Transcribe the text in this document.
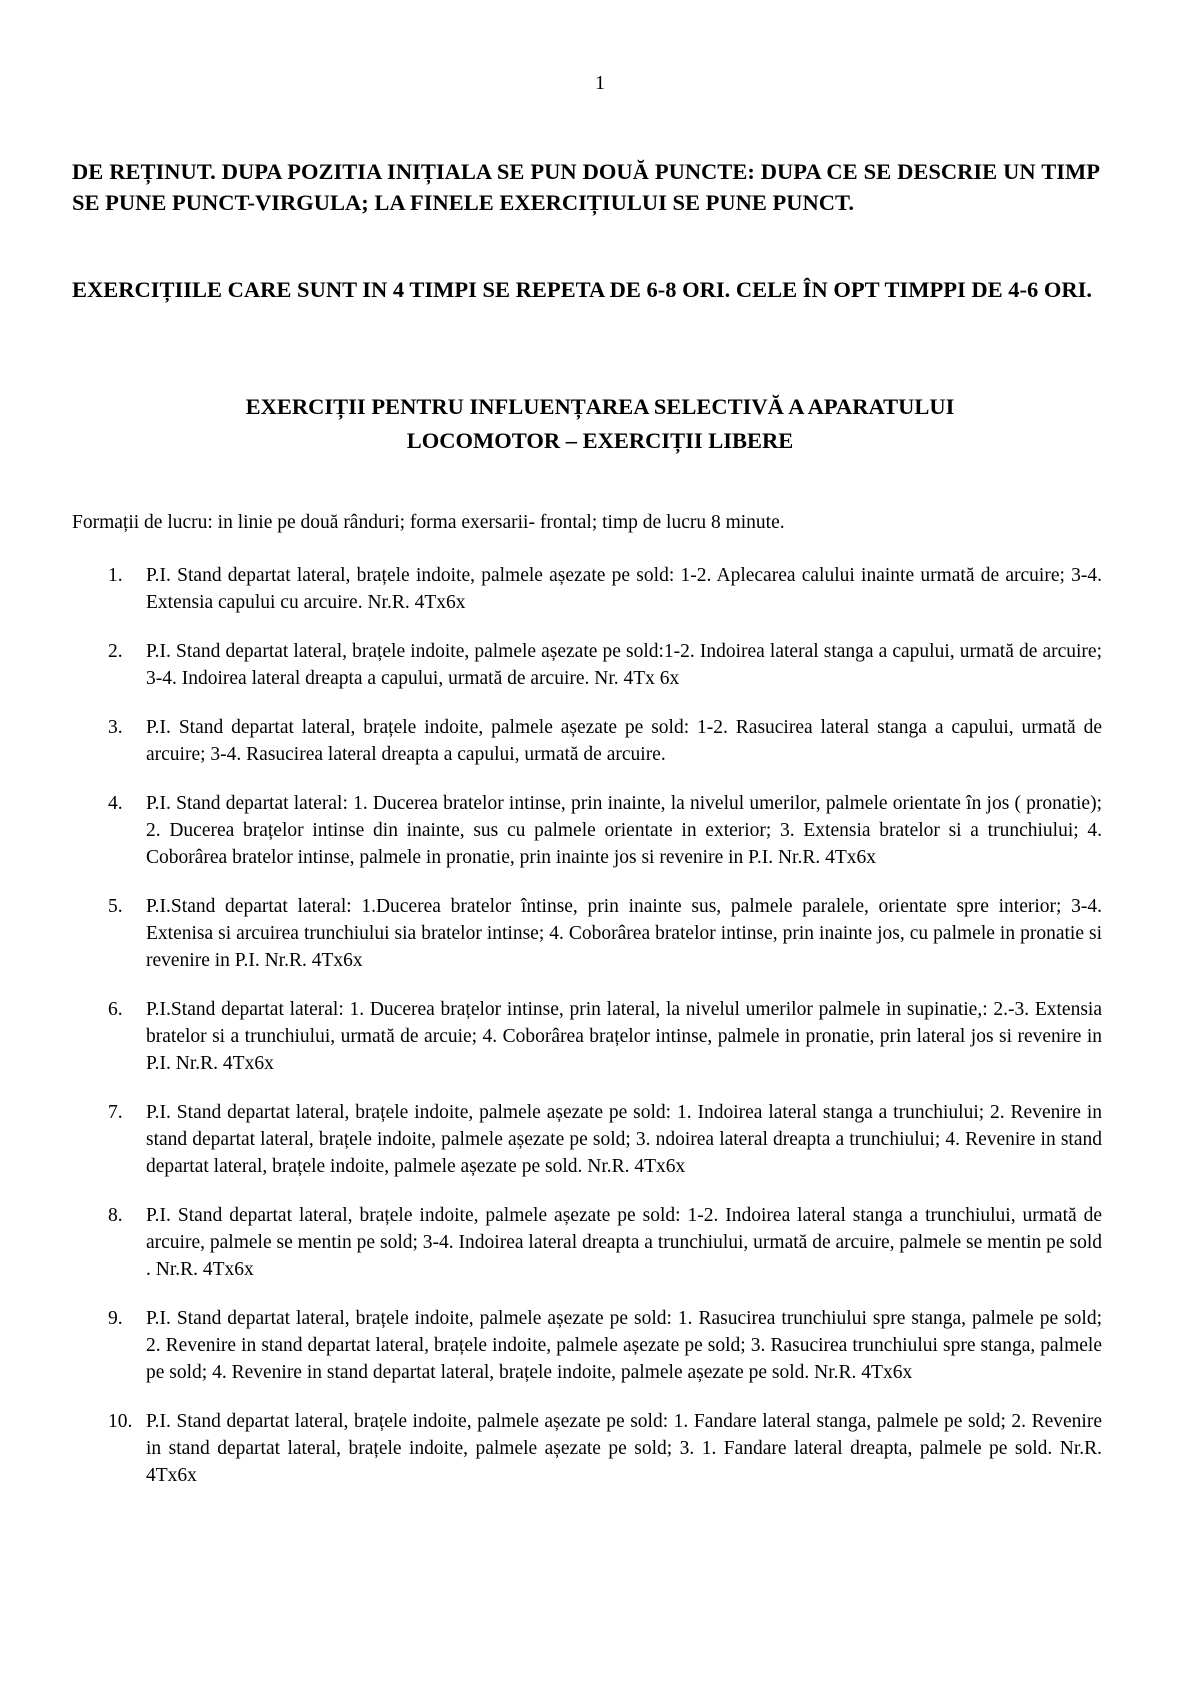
1

DE REȚINUT. DUPA POZITIA INIȚIALA SE PUN DOUĂ PUNCTE: DUPA CE SE DESCRIE UN TIMP SE PUNE PUNCT-VIRGULA; LA FINELE EXERCIȚIULUI SE PUNE PUNCT.

EXERCIȚIILE CARE SUNT IN 4 TIMPI SE REPETA DE 6-8 ORI. CELE ÎN OPT TIMPPI DE 4-6 ORI.

EXERCIȚII PENTRU INFLUENȚAREA SELECTIVĂ A APARATULUI
LOCOMOTOR – EXERCIȚII LIBERE

Formații de lucru: in linie pe două rânduri; forma exersarii- frontal; timp de lucru 8 minute.

1.	P.I. Stand departat lateral, brațele indoite, palmele așezate pe sold: 1-2. Aplecarea calului inainte urmată de arcuire; 3-4. Extensia capului cu arcuire. Nr.R. 4Tx6x
2.	P.I. Stand departat lateral, brațele indoite, palmele așezate pe sold:1-2. Indoirea lateral stanga a capului, urmată de arcuire; 3-4. Indoirea lateral dreapta a capului, urmată de arcuire. Nr. 4Tx 6x
3.	P.I. Stand departat lateral, brațele indoite, palmele așezate pe sold: 1-2. Rasucirea lateral stanga a capului, urmată de arcuire; 3-4. Rasucirea lateral dreapta a capului, urmată de arcuire.
4.	P.I. Stand departat lateral: 1. Ducerea bratelor intinse, prin inainte, la nivelul umerilor, palmele orientate în jos ( pronatie); 2. Ducerea brațelor intinse din inainte, sus cu palmele orientate in exterior; 3. Extensia bratelor si a trunchiului; 4. Coborârea bratelor intinse, palmele in pronatie, prin inainte jos si revenire in P.I. Nr.R. 4Tx6x
5.	P.I.Stand departat lateral: 1.Ducerea bratelor întinse, prin inainte sus, palmele paralele, orientate spre interior; 3-4. Extenisa si arcuirea trunchiului sia bratelor intinse; 4. Coborârea bratelor intinse, prin inainte jos, cu palmele in pronatie si revenire in P.I. Nr.R. 4Tx6x
6.	P.I.Stand departat lateral: 1. Ducerea brațelor intinse, prin lateral, la nivelul umerilor palmele in supinatie,: 2.-3. Extensia bratelor si a trunchiului, urmată de arcuie; 4. Coborârea brațelor intinse, palmele in pronatie, prin lateral jos si revenire in P.I. Nr.R. 4Tx6x
7.	P.I. Stand departat lateral, brațele indoite, palmele așezate pe sold: 1. Indoirea lateral stanga a trunchiului; 2. Revenire in stand departat lateral, brațele indoite, palmele așezate pe sold; 3. ndoirea lateral dreapta a trunchiului; 4. Revenire in stand departat lateral, brațele indoite, palmele așezate pe sold. Nr.R. 4Tx6x
8.	P.I. Stand departat lateral, brațele indoite, palmele așezate pe sold: 1-2. Indoirea lateral stanga a trunchiului, urmată de arcuire, palmele se mentin pe sold; 3-4. Indoirea lateral dreapta a trunchiului, urmată de arcuire, palmele se mentin pe sold . Nr.R. 4Tx6x
9.	P.I. Stand departat lateral, brațele indoite, palmele așezate pe sold: 1. Rasucirea trunchiului spre stanga, palmele pe sold; 2. Revenire in stand departat lateral, brațele indoite, palmele așezate pe sold; 3. Rasucirea trunchiului spre stanga, palmele pe sold; 4. Revenire in stand departat lateral, brațele indoite, palmele așezate pe sold. Nr.R. 4Tx6x
10. P.I. Stand departat lateral, brațele indoite, palmele așezate pe sold: 1. Fandare lateral stanga, palmele pe sold; 2. Revenire in stand departat lateral, brațele indoite, palmele așezate pe sold; 3. 1. Fandare lateral dreapta, palmele pe sold. Nr.R. 4Tx6x
